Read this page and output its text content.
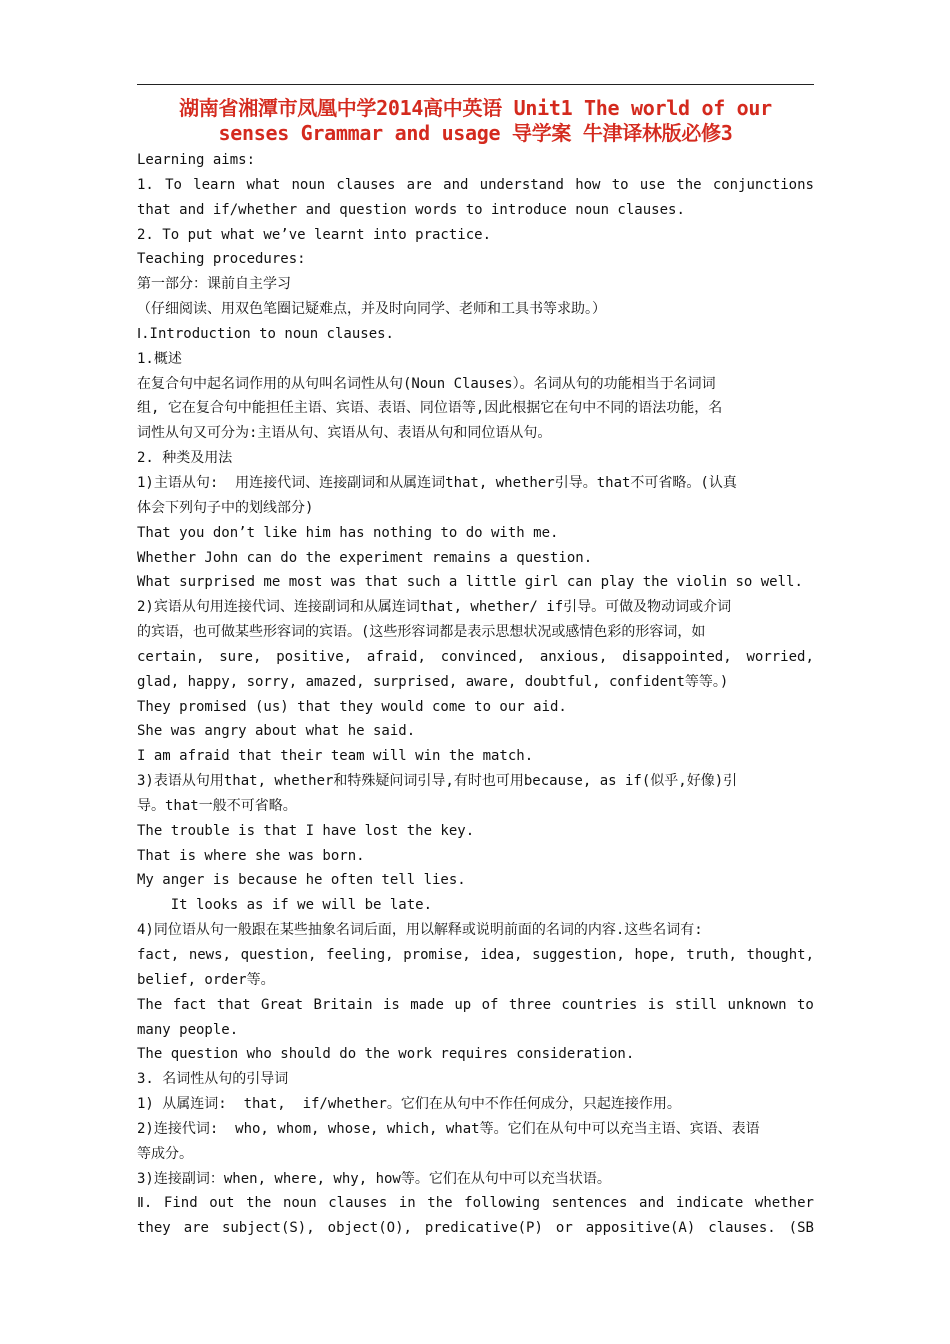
湖南省湘潭市凤凰中学2014高中英语 Unit1 The world of our
senses Grammar and usage 导学案 牛津译林版必修3
Learning aims:
1. To learn what noun clauses are and understand how to use the conjunctions
that and if/whether and question words to introduce noun clauses.
2. To put what we’ve learnt into practice.
Teaching procedures:
第一部分：课前自主学习
（仔细阅读、用双色笔圈记疑难点，并及时向同学、老师和工具书等求助。）
Ⅰ.Introduction to noun clauses.
1.概述
在复合句中起名词作用的从句叫名词性从句(Noun Clauses）。名词从句的功能相当于名词词
组, 它在复合句中能担任主语、宾语、表语、同位语等,因此根据它在句中不同的语法功能，名
词性从句又可分为:主语从句、宾语从句、表语从句和同位语从句。
2. 种类及用法
1)主语从句:  用连接代词、连接副词和从属连词that, whether引导。that不可省略。(认真
体会下列句子中的划线部分)
That you don’t like him has nothing to do with me.
Whether John can do the experiment remains a question.
What surprised me most was that such a little girl can play the violin so well.
2)宾语从句用连接代词、连接副词和从属连词that, whether/ if引导。可做及物动词或介词
的宾语，也可做某些形容词的宾语。(这些形容词都是表示思想状况或感情色彩的形容词，如
certain, sure, positive, afraid, convinced, anxious, disappointed, worried,
glad, happy, sorry, amazed, surprised, aware, doubtful, confident等等。)
They promised (us) that they would come to our aid.
She was angry about what he said.
I am afraid that their team will win the match.
3)表语从句用that, whether和特殊疑问词引导,有时也可用because, as if(似乎,好像)引
导。that一般不可省略。
The trouble is that I have lost the key.
That is where she was born.
My anger is because he often tell lies.
It looks as if we will be late.
4)同位语从句一般跟在某些抽象名词后面，用以解释或说明前面的名词的内容.这些名词有:
fact, news, question, feeling, promise, idea, suggestion, hope, truth, thought,
belief, order等。
The fact that Great Britain is made up of three countries is still unknown to
many people.
The question who should do the work requires consideration.
3. 名词性从句的引导词
1) 从属连词:  that,  if/whether。它们在从句中不作任何成分，只起连接作用。
2)连接代词:  who, whom, whose, which, what等。它们在从句中可以充当主语、宾语、表语
等成分。
3)连接副词：when, where, why, how等。它们在从句中可以充当状语。
Ⅱ. Find out the noun clauses in the following sentences and indicate whether
they are subject(S), object(O), predicative(P) or appositive(A) clauses. (SB
